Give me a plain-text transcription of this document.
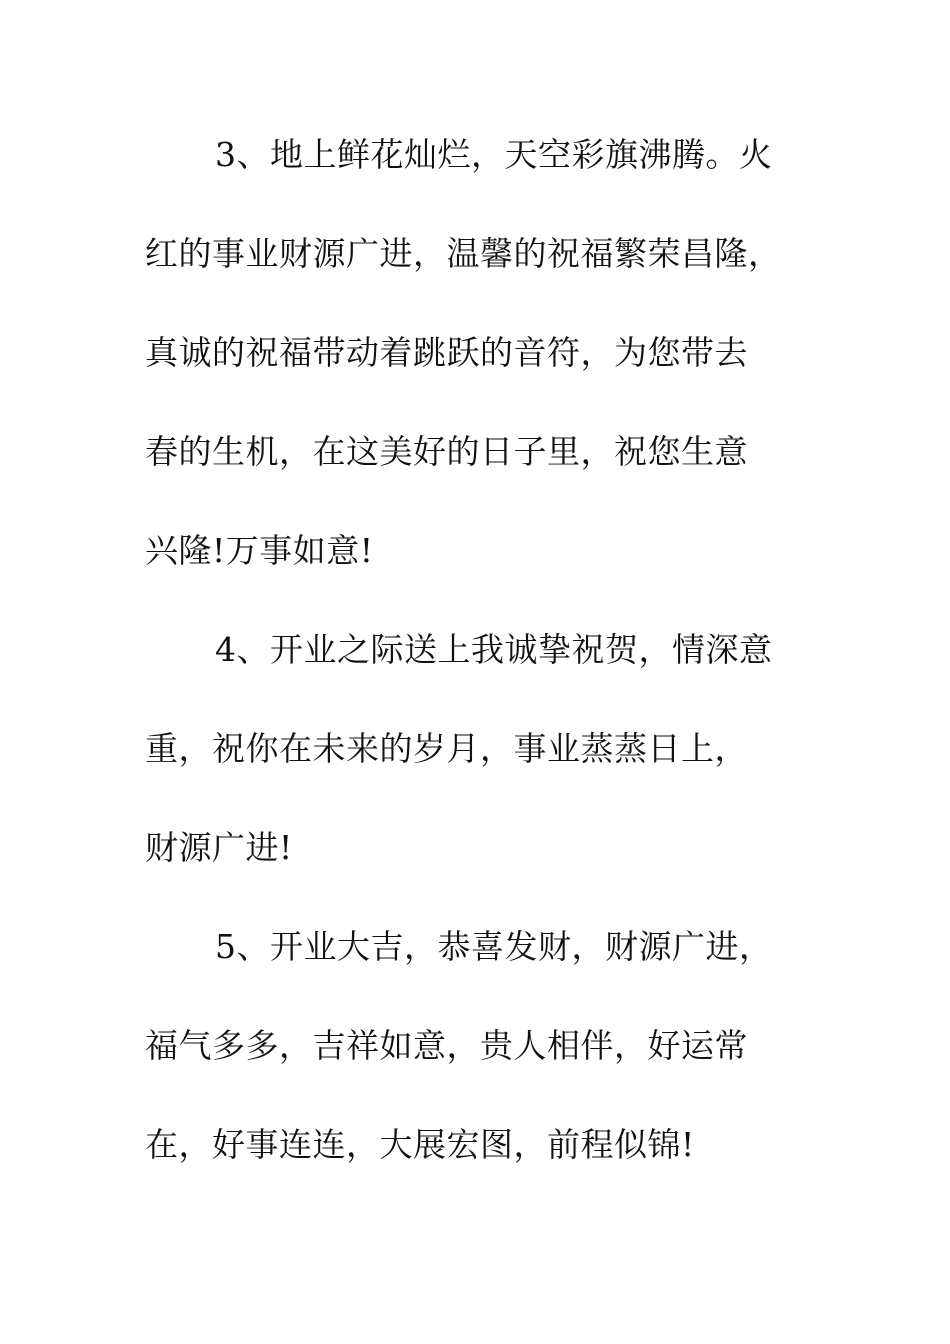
3、地上鲜花灿烂，天空彩旗沸腾。火
红的事业财源广进，温馨的祝福繁荣昌隆，
真诚的祝福带动着跳跃的音符，为您带去
春的生机，在这美好的日子里，祝您生意
兴隆!万事如意!
4、开业之际送上我诚挚祝贺，情深意
重，祝你在未来的岁月，事业蒸蒸日上，
财源广进!
5、开业大吉，恭喜发财，财源广进，
福气多多，吉祥如意，贵人相伴，好运常
在，好事连连，大展宏图，前程似锦!
